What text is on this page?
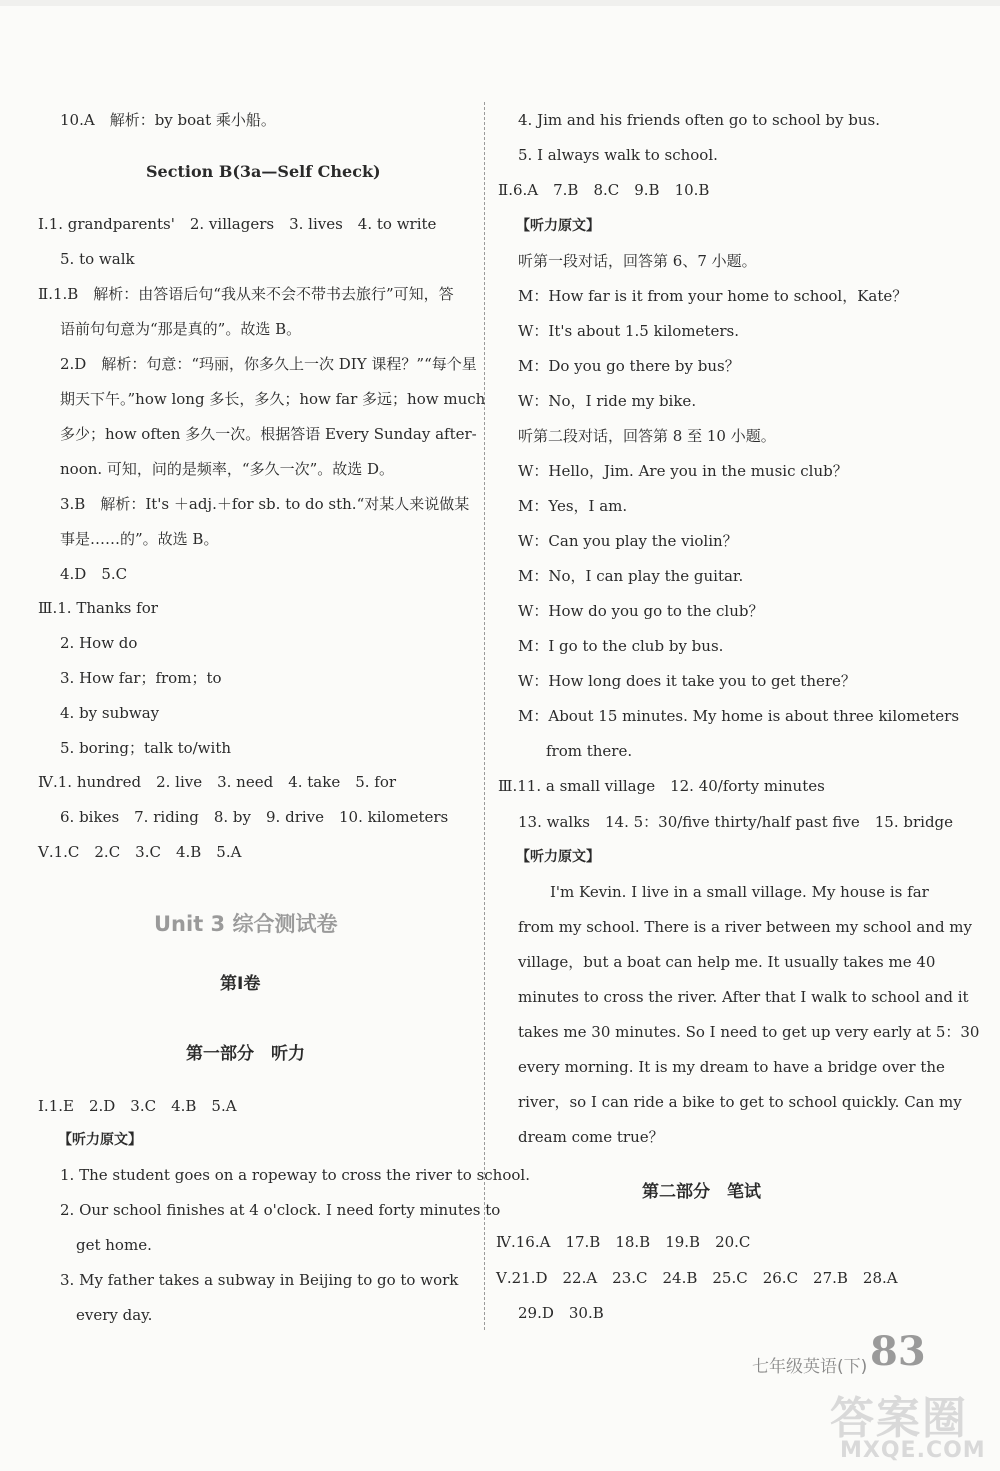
10.A　解析：by boat 乘小船。
Section B(3a—Self Check)
Ⅰ.1. grandparents'　2. villagers　3. lives　4. to write
5. to walk
Ⅱ.1.B　解析：由答语后句“我从来不会不带书去旅行”可知，答
语前句句意为“那是真的”。故选 B。
2.D　解析：句意：“玛丽，你多久上一次 DIY 课程？”“每个星
期天下午。”how long 多长，多久；how far 多远；how much
多少；how often 多久一次。根据答语 Every Sunday after-
noon. 可知，问的是频率，“多久一次”。故选 D。
3.B　解析：It's ＋adj.＋for sb. to do sth.“对某人来说做某
事是……的”。故选 B。
4.D　5.C
Ⅲ.1. Thanks for
2. How do
3. How far；from；to
4. by subway
5. boring；talk to/with
Ⅳ.1. hundred　2. live　3. need　4. take　5. for
6. bikes　7. riding　8. by　9. drive　10. kilometers
Ⅴ.1.C　2.C　3.C　4.B　5.A
Unit 3 综合测试卷
第Ⅰ卷
第一部分　听力
Ⅰ.1.E　2.D　3.C　4.B　5.A
【听力原文】
1. The student goes on a ropeway to cross the river to school.
2. Our school finishes at 4 o'clock. I need forty minutes to
get home.
3. My father takes a subway in Beijing to go to work
every day.
4. Jim and his friends often go to school by bus.
5. I always walk to school.
Ⅱ.6.A　7.B　8.C　9.B　10.B
【听力原文】
听第一段对话，回答第 6、7 小题。
M：How far is it from your home to school，Kate？
W：It's about 1.5 kilometers.
M：Do you go there by bus？
W：No，I ride my bike.
听第二段对话，回答第 8 至 10 小题。
W：Hello，Jim. Are you in the music club？
M：Yes，I am.
W：Can you play the violin？
M：No，I can play the guitar.
W：How do you go to the club？
M：I go to the club by bus.
W：How long does it take you to get there？
M：About 15 minutes. My home is about three kilometers
from there.
Ⅲ.11. a small village　12. 40/forty minutes
13. walks　14. 5：30/five thirty/half past five　15. bridge
【听力原文】
I'm Kevin. I live in a small village. My house is far
from my school. There is a river between my school and my
village，but a boat can help me. It usually takes me 40
minutes to cross the river. After that I walk to school and it
takes me 30 minutes. So I need to get up very early at 5：30
every morning. It is my dream to have a bridge over the
river，so I can ride a bike to get to school quickly. Can my
dream come true？
第二部分　笔试
Ⅳ.16.A　17.B　18.B　19.B　20.C
Ⅴ.21.D　22.A　23.C　24.B　25.C　26.C　27.B　28.A
29.D　30.B
七年级英语(下) 83
答案圈
MXQE.COM
